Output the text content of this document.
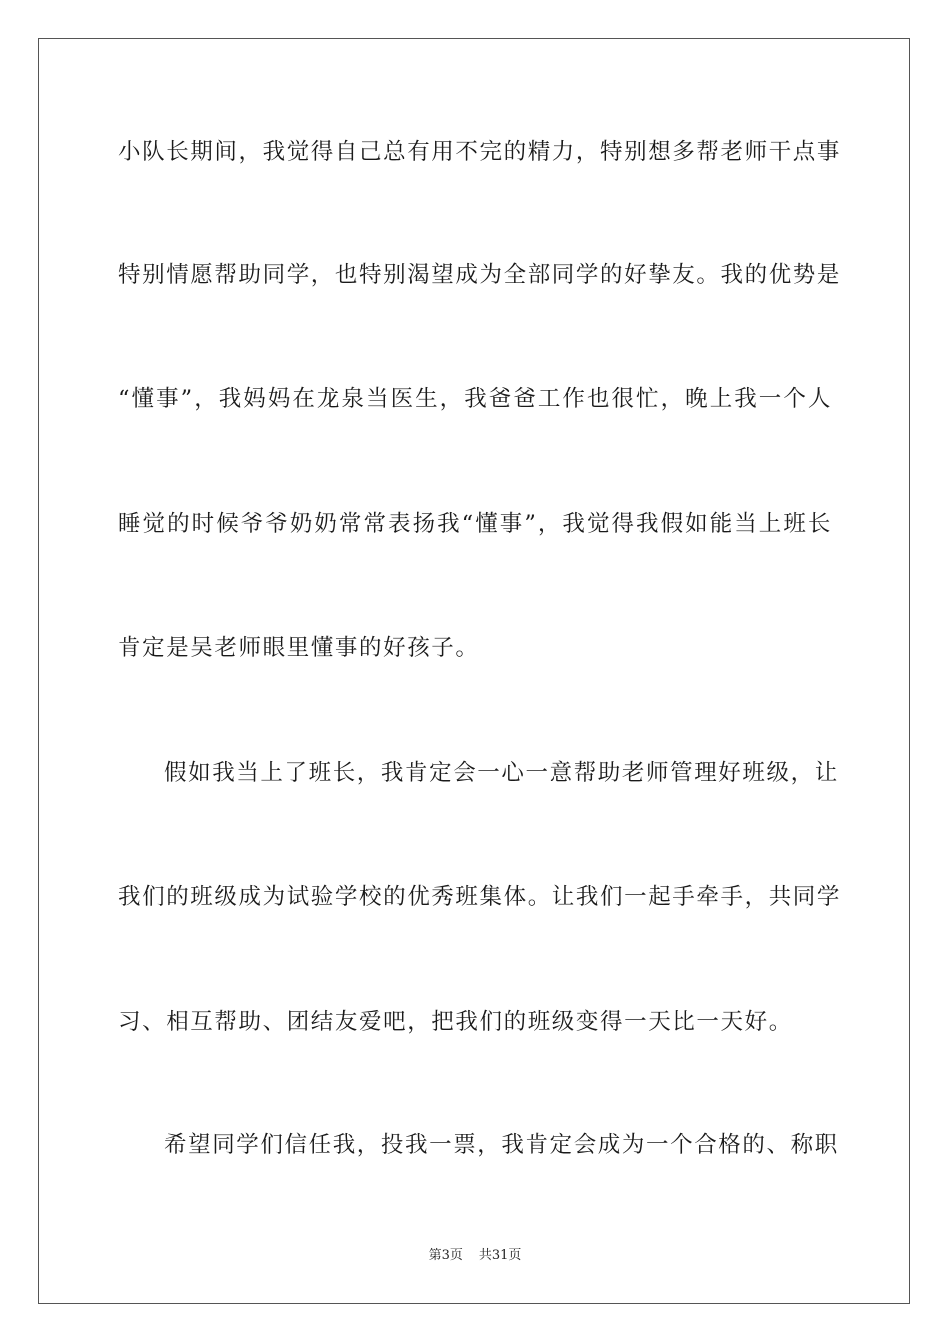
小队长期间，我觉得自己总有用不完的精力，特别想多帮老师干点事
特别情愿帮助同学，也特别渴望成为全部同学的好挚友。我的优势是
“懂事”，我妈妈在龙泉当医生，我爸爸工作也很忙，晚上我一个人
睡觉的时候爷爷奶奶常常表扬我“懂事”，我觉得我假如能当上班长
肯定是吴老师眼里懂事的好孩子。
假如我当上了班长，我肯定会一心一意帮助老师管理好班级，让
我们的班级成为试验学校的优秀班集体。让我们一起手牵手，共同学
习、相互帮助、团结友爱吧，把我们的班级变得一天比一天好。
希望同学们信任我，投我一票，我肯定会成为一个合格的、称职
第3页 共31页
